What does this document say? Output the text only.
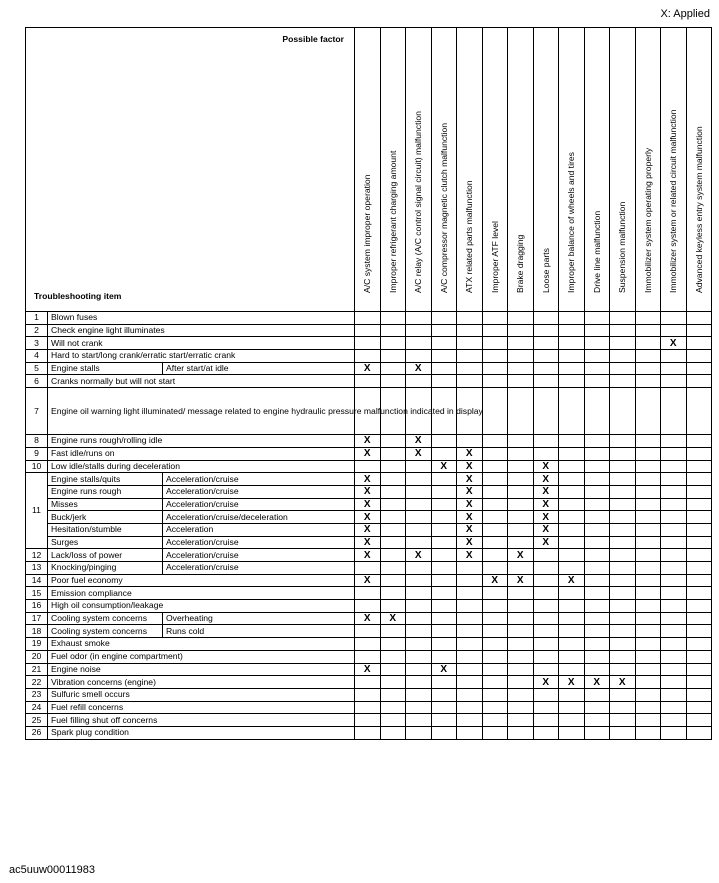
X: Applied
Possible factor
Troubleshooting item			A/C system improper operation	Improper refrigerant charging amount	A/C relay (A/C control signal circuit) malfunction	A/C compressor magnetic clutch malfunction	ATX related parts malfunction	Improper ATF level	Brake dragging	Loose parts	Improper balance of wheels and tires	Drive line malfunction	Suspension malfunction	Immobilizer system operating properly	Immobilizer system or related circuit malfunction	Advanced keyless entry system malfunction

1	Blown fuses															
2	Check engine light illuminates															
3	Will not crank														X	
4	Hard to start/long crank/erratic start/erratic crank															
5	Engine stalls	After start/at idle	X		X											
6	Cranks normally but will not start															
7	Engine oil warning light illuminated/ message related to engine hydraulic pressure malfunction indicated in display															
8	Engine runs rough/rolling idle		X		X											
9	Fast idle/runs on		X		X		X									
10	Low idle/stalls during deceleration					X	X			X						
11	Engine stalls/quits	Acceleration/cruise	X				X			X						
	Engine runs rough	Acceleration/cruise	X				X			X						
	Misses	Acceleration/cruise	X				X			X						
	Buck/jerk	Acceleration/cruise/deceleration	X				X			X						
	Hesitation/stumble	Acceleration	X				X			X						
	Surges	Acceleration/cruise	X				X			X						
12	Lack/loss of power	Acceleration/cruise	X		X		X		X							
13	Knocking/pinging	Acceleration/cruise														
14	Poor fuel economy		X					X	X		X					
15	Emission compliance															
16	High oil consumption/leakage															
17	Cooling system concerns	Overheating	X	X												
18	Cooling system concerns	Runs cold														
19	Exhaust smoke															
20	Fuel odor (in engine compartment)															
21	Engine noise		X			X										
22	Vibration concerns (engine)									X	X	X	X			
23	Sulfuric smell occurs															
24	Fuel refill concerns															
25	Fuel filling shut off concerns															
26	Spark plug condition															
ac5uuw00011983
